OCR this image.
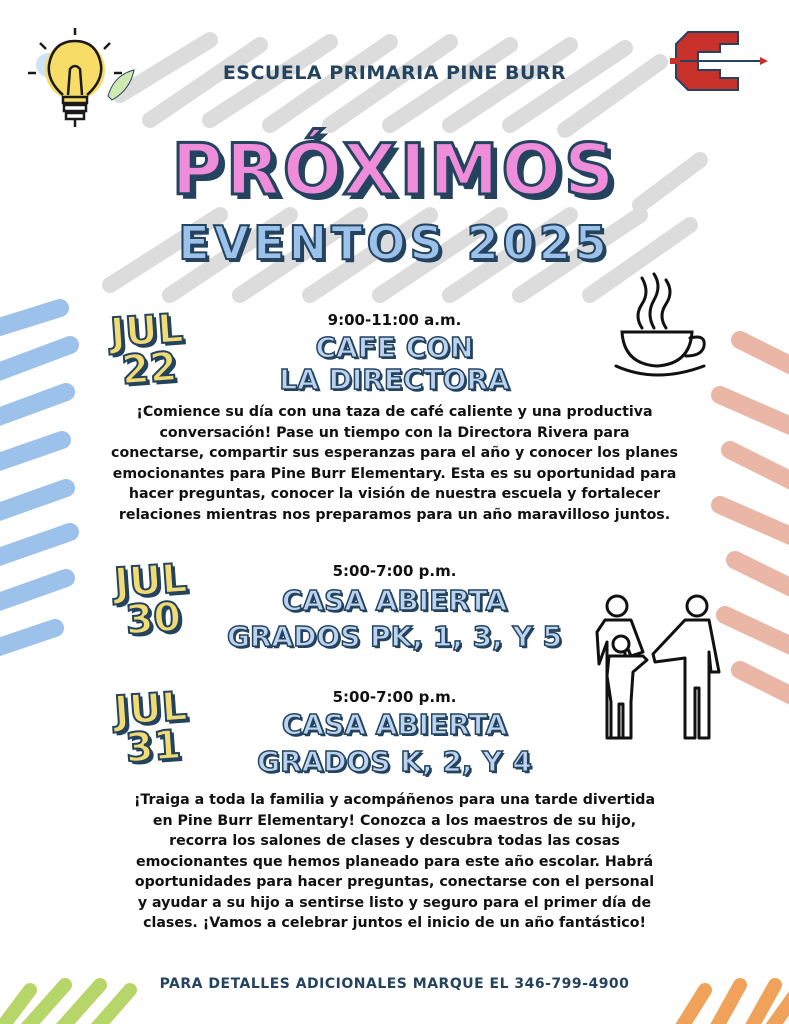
ESCUELA PRIMARIA PINE BURR
PRÓXIMOS
EVENTOS 2025
JUL
22
9:00-11:00 a.m.
CAFE CON
LA DIRECTORA
¡Comience su día con una taza de café caliente y una productiva
conversación! Pase un tiempo con la Directora Rivera para
conectarse, compartir sus esperanzas para el año y conocer los planes
emocionantes para Pine Burr Elementary. Esta es su oportunidad para
hacer preguntas, conocer la visión de nuestra escuela y fortalecer
relaciones mientras nos preparamos para un año maravilloso juntos.
JUL
30
5:00-7:00 p.m.
CASA ABIERTA
GRADOS PK, 1, 3, Y 5
JUL
31
5:00-7:00 p.m.
CASA ABIERTA
GRADOS K, 2, Y 4
¡Traiga a toda la familia y acompáñenos para una tarde divertida
en Pine Burr Elementary! Conozca a los maestros de su hijo,
recorra los salones de clases y descubra todas las cosas
emocionantes que hemos planeado para este año escolar. Habrá
oportunidades para hacer preguntas, conectarse con el personal
y ayudar a su hijo a sentirse listo y seguro para el primer día de
clases. ¡Vamos a celebrar juntos el inicio de un año fantástico!
PARA DETALLES ADICIONALES MARQUE EL 346-799-4900
